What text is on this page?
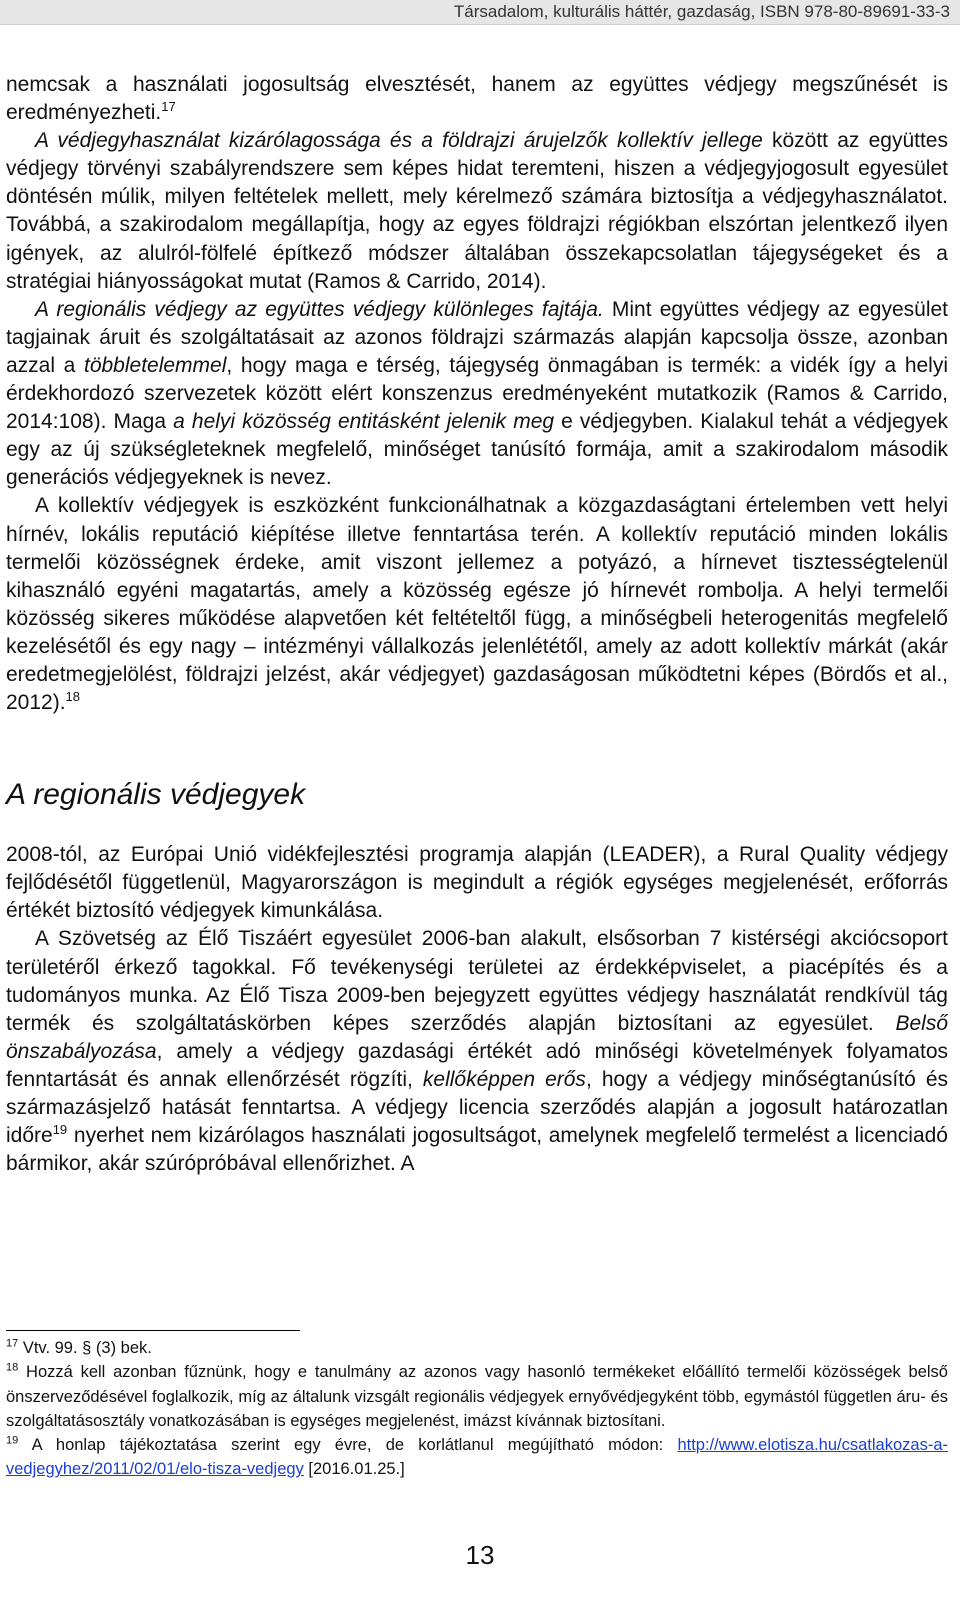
Társadalom, kulturális háttér, gazdaság, ISBN 978-80-89691-33-3

nemcsak a használati jogosultság elvesztését, hanem az együttes védjegy megszűnését is eredményezheti.$^{17}$

A védjegyhasználat kizárólagossága és a földrajzi árujelzők kollektív jellege között az együttes védjegy törvényi szabályrendszere sem képes hidat teremteni, hiszen a védjegyjogosult egyesület döntésén múlik, milyen feltételek mellett, mely kérelmező számára biztosítja a védjegyhasználatot. Továbbá, a szakirodalom megállapítja, hogy az egyes földrajzi régiókban elszórtan jelentkező ilyen igények, az alulról-fölfelé építkező módszer általában összekapcsolatlan tájegységeket és a stratégiai hiányosságokat mutat (Ramos & Carrido, 2014).

A regionális védjegy az együttes védjegy különleges fajtája. Mint együttes védjegy az egyesület tagjainak áruit és szolgáltatásait az azonos földrajzi származás alapján kapcsolja össze, azonban azzal a többletelemmel, hogy maga e térség, tájegység önmagában is termék: a vidék így a helyi érdekhordozó szervezetek között elért konszenzus eredményeként mutatkozik (Ramos & Carrido, 2014:108). Maga a helyi közösség entitásként jelenik meg e védjegyben. Kialakul tehát a védjegyek egy az új szükségleteknek megfelelő, minőséget tanúsító formája, amit a szakirodalom második generációs védjegyeknek is nevez.

A kollektív védjegyek is eszközként funkcionálhatnak a közgazdaságtani értelemben vett helyi hírnév, lokális reputáció kiépítése illetve fenntartása terén. A kollektív reputáció minden lokális termelői közösségnek érdeke, amit viszont jellemez a potyázó, a hírnevet tisztességtelenül kihasználó egyéni magatartás, amely a közösség egésze jó hírnevét rombolja. A helyi termelői közösség sikeres működése alapvetően két feltételtől függ, a minőségbeli heterogenitás megfelelő kezelésétől és egy nagy – intézményi vállalkozás jelenlététől, amely az adott kollektív márkát (akár eredetmegjelölést, földrajzi jelzést, akár védjegyet) gazdaságosan működtetni képes (Bördős et al., 2012).$^{18}$

A regionális védjegyek

2008-tól, az Európai Unió vidékfejlesztési programja alapján (LEADER), a Rural Quality védjegy fejlődésétől függetlenül, Magyarországon is megindult a régiók egységes megjelenését, erőforrás értékét biztosító védjegyek kimunkálása.

A Szövetség az Élő Tiszáért egyesület 2006-ban alakult, elsősorban 7 kistérségi akciócsoport területéről érkező tagokkal. Fő tevékenységi területei az érdekképviselet, a piacépítés és a tudományos munka. Az Élő Tisza 2009-ben bejegyzett együttes védjegy használatát rendkívül tág termék és szolgáltatáskörben képes szerződés alapján biztosítani az egyesület. Belső önszabályozása, amely a védjegy gazdasági értékét adó minőségi követelmények folyamatos fenntartását és annak ellenőrzését rögzíti, kellőképpen erős, hogy a védjegy minőségtanúsító és származásjelző hatását fenntartsa. A védjegy licencia szerződés alapján a jogosult határozatlan időre$^{19}$ nyerhet nem kizárólagos használati jogosultságot, amelynek megfelelő termelést a licenciadó bármikor, akár szúrópróbával ellenőrizhet. A

$^{17}$ Vtv. 99. § (3) bek.

$^{18}$ Hozzá kell azonban fűznünk, hogy e tanulmány az azonos vagy hasonló termékeket előállító termelői közösségek belső önszerveződésével foglalkozik, míg az általunk vizsgált regionális védjegyek ernyővédjegyként több, egymástól független áru- és szolgáltatásosztály vonatkozásában is egységes megjelenést, imázst kívánnak biztosítani.

$^{19}$ A honlap tájékoztatása szerint egy évre, de korlátlanul megújítható módon: http://www.elotisza.hu/csatlakozas-a-vedjegyhez/2011/02/01/elo-tisza-vedjegy [2016.01.25.]

13
